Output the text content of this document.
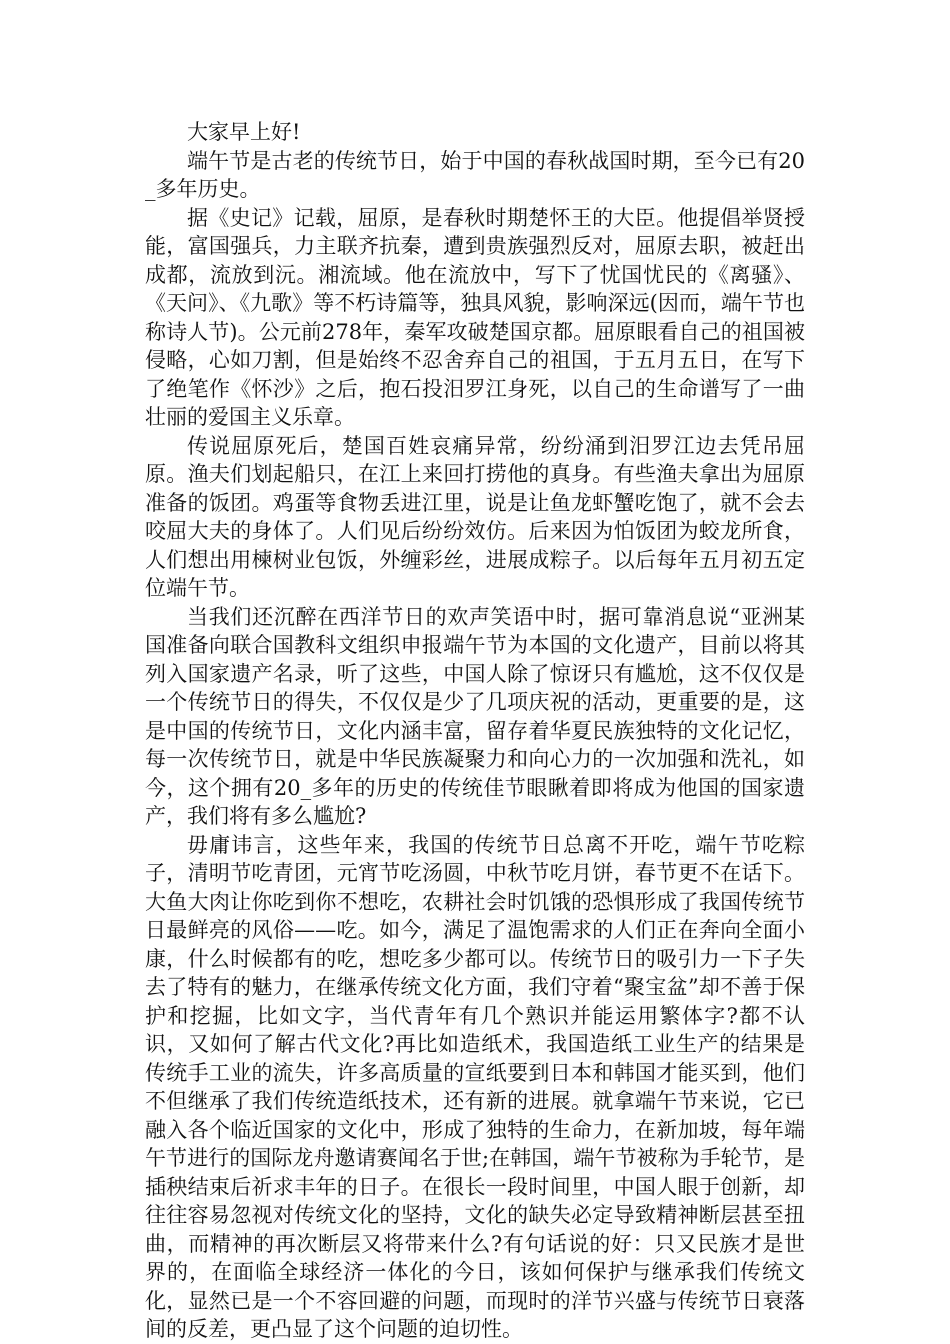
大家早上好!

端午节是古老的传统节日，始于中国的春秋战国时期，至今已有20_多年历史。

据《史记》记载，屈原，是春秋时期楚怀王的大臣。他提倡举贤授能，富国强兵，力主联齐抗秦，遭到贵族强烈反对，屈原去职，被赶出成都，流放到沅。湘流域。他在流放中，写下了忧国忧民的《离骚》、《天问》、《九歌》等不朽诗篇等，独具风貌，影响深远(因而，端午节也称诗人节)。公元前278年，秦军攻破楚国京都。屈原眼看自己的祖国被侵略，心如刀割，但是始终不忍舍弃自己的祖国，于五月五日，在写下了绝笔作《怀沙》之后，抱石投汨罗江身死，以自己的生命谱写了一曲壮丽的爱国主义乐章。

传说屈原死后，楚国百姓哀痛异常，纷纷涌到汨罗江边去凭吊屈原。渔夫们划起船只，在江上来回打捞他的真身。有些渔夫拿出为屈原准备的饭团。鸡蛋等食物丢进江里，说是让鱼龙虾蟹吃饱了，就不会去咬屈大夫的身体了。人们见后纷纷效仿。后来因为怕饭团为蛟龙所食，人们想出用楝树业包饭，外缠彩丝，进展成粽子。以后每年五月初五定位端午节。

当我们还沉醉在西洋节日的欢声笑语中时，据可靠消息说“亚洲某国准备向联合国教科文组织申报端午节为本国的文化遗产，目前以将其列入国家遗产名录，听了这些，中国人除了惊讶只有尴尬，这不仅仅是一个传统节日的得失，不仅仅是少了几项庆祝的活动，更重要的是，这是中国的传统节日，文化内涵丰富，留存着华夏民族独特的文化记忆，每一次传统节日，就是中华民族凝聚力和向心力的一次加强和洗礼，如今，这个拥有20_多年的历史的传统佳节眼瞅着即将成为他国的国家遗产，我们将有多么尴尬?

毋庸讳言，这些年来，我国的传统节日总离不开吃，端午节吃粽子，清明节吃青团，元宵节吃汤圆，中秋节吃月饼，春节更不在话下。大鱼大肉让你吃到你不想吃，农耕社会时饥饿的恐惧形成了我国传统节日最鲜亮的风俗——吃。如今，满足了温饱需求的人们正在奔向全面小康，什么时候都有的吃，想吃多少都可以。传统节日的吸引力一下子失去了特有的魅力，在继承传统文化方面，我们守着“聚宝盆”却不善于保护和挖掘，比如文字，当代青年有几个熟识并能运用繁体字?都不认识，又如何了解古代文化?再比如造纸术，我国造纸工业生产的结果是传统手工业的流失，许多高质量的宣纸要到日本和韩国才能买到，他们不但继承了我们传统造纸技术，还有新的进展。就拿端午节来说，它已融入各个临近国家的文化中，形成了独特的生命力，在新加坡，每年端午节进行的国际龙舟邀请赛闻名于世;在韩国，端午节被称为手轮节，是插秧结束后祈求丰年的日子。在很长一段时间里，中国人眼于创新，却往往容易忽视对传统文化的坚持，文化的缺失必定导致精神断层甚至扭曲，而精神的再次断层又将带来什么?有句话说的好：只又民族才是世界的，在面临全球经济一体化的今日，该如何保护与继承我们传统文化，显然已是一个不容回避的问题，而现时的洋节兴盛与传统节日衰落间的反差，更凸显了这个问题的迫切性。
